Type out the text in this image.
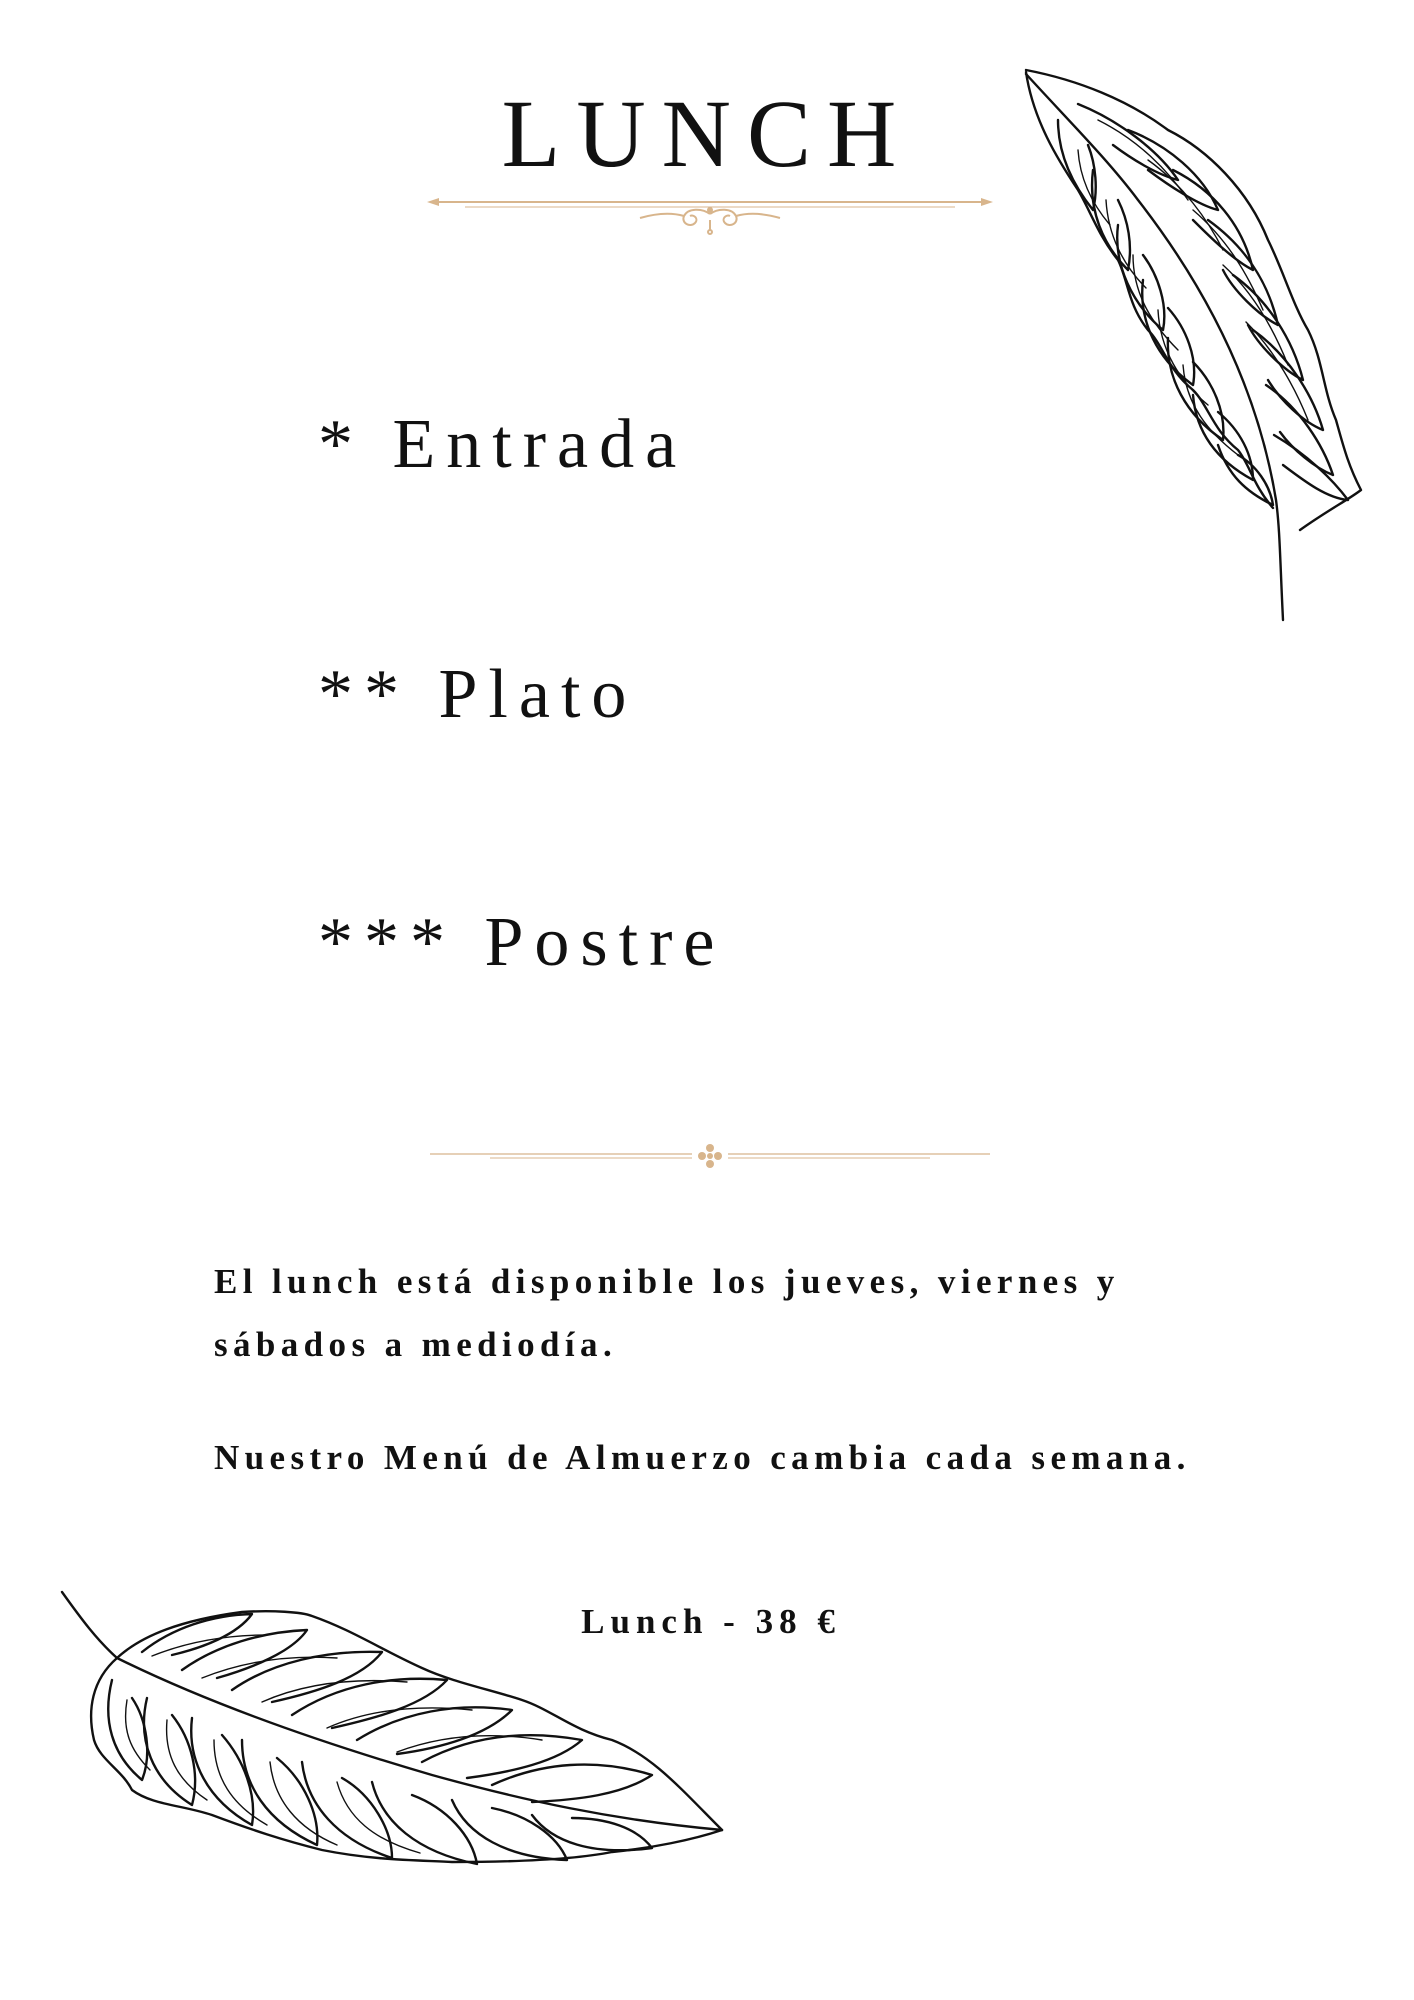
LUNCH

* Entrada

** Plato

*** Postre

El lunch está disponible los jueves, viernes y sábados a mediodía.

Nuestro Menú de Almuerzo cambia cada semana.

Lunch - 38 €
